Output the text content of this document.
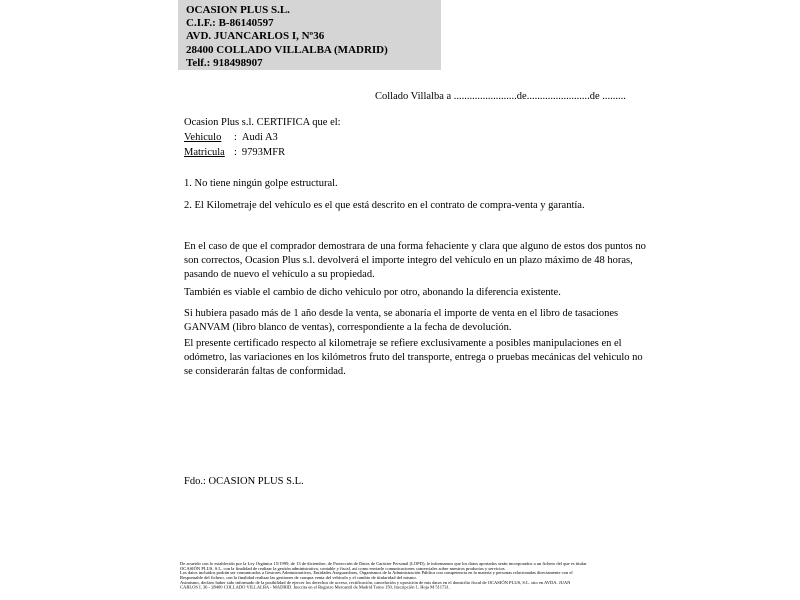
OCASION PLUS S.L.
C.I.F.: B-86140597
AVD. JUANCARLOS I, Nº36
28400 COLLADO VILLALBA (MADRID)
Telf.: 918498907
Collado Villalba a ........................de........................de .........
Ocasion Plus s.l. CERTIFICA que el:
Vehiculo : Audi A3
Matricula : 9793MFR
1. No tiene ningún golpe estructural.
2. El Kilometraje del vehículo es el que está descrito en el contrato de compra-venta y garantía.
En el caso de que el comprador demostrara de una forma fehaciente y clara que alguno de estos dos puntos no
son correctos, Ocasion Plus s.l. devolverá el importe integro del vehículo en un plazo máximo de 48 horas,
pasando de nuevo el vehículo a su propiedad.
También es viable el cambio de dicho vehiculo por otro, abonando la diferencia existente.
Si hubiera pasado más de 1 año desde la venta, se abonaría el importe de venta en el libro de tasaciones
GANVAM (libro blanco de ventas), correspondiente a la fecha de devolución.
El presente certificado respecto al kilometraje se refiere exclusivamente a posibles manipulaciones en el
odómetro, las variaciones en los kilómetros fruto del transporte, entrega o pruebas mecánicas del vehiculo no
se considerarán faltas de conformidad.
Fdo.: OCASION PLUS S.L.
De acuerdo con lo establecido por la Ley Orgánica 15/1999, de 13 de diciembre, de Protección de Datos de Carácter Personal (LOPD), le informamos que los datos aportados serán incorporados a un fichero del que es titular
OCASIÓN PLUS, S.L. con la finalidad de realizar la gestión administrativa, contable y fiscal, así como enviarle comunicaciones comerciales sobre nuestros productos y servicios.
Los datos incluidos podrán ser comunicados a Gestores Administrativos, Entidades Aseguradoras, Organismos de la Administración Pública con competencia en la materia y personas relacionadas directamente con el
Responsable del fichero, con la finalidad realizar las gestiones de compra venta del vehículo y el cambio de titularidad del mismo.
Asimismo, declaro haber sido informado de la posibilidad de ejercer los derechos de acceso, rectificación, cancelación y oposición de mis datos en el domicilio fiscal de OCASIÓN PLUS, S.L. sito en AVDA. JUAN
CARLOS I, 36 - 28400 COLLADO VILLALBA - MADRID. Inscrita en el Registro Mercantil de Madrid Tomo 150, Inscripción 1, Hoja M 511731.
